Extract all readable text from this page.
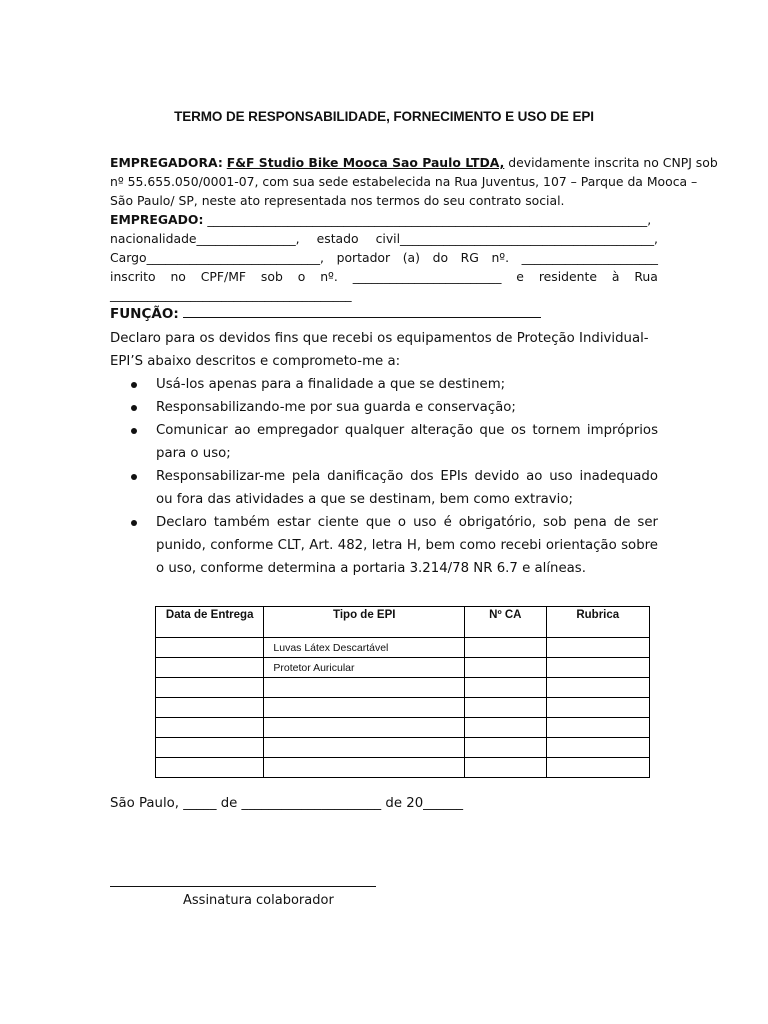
TERMO DE RESPONSABILIDADE, FORNECIMENTO E USO DE EPI
EMPREGADORA: F&F Studio Bike Mooca Sao Paulo LTDA, devidamente inscrita no CNPJ sob
nº 55.655.050/0001-07, com sua sede estabelecida na Rua Juventus, 107 – Parque da Mooca –
São Paulo/ SP, neste ato representada nos termos do seu contrato social.
EMPREGADO: _______________________________________________________________________,
nacionalidade________________, estado civil_________________________________________,
Cargo____________________________, portador (a) do RG nº. ______________________
inscrito no CPF/MF sob o nº. ________________________ e residente à Rua
_______________________________________
FUNÇÃO:
Declaro para os devidos fins que recebi os equipamentos de Proteção Individual-EPI’S abaixo descritos e comprometo-me a:
Usá-los apenas para a finalidade a que se destinem;
Responsabilizando-me por sua guarda e conservação;
Comunicar ao empregador qualquer alteração que os tornem impróprios para o uso;
Responsabilizar-me pela danificação dos EPIs devido ao uso inadequado ou fora das atividades a que se destinam, bem como extravio;
Declaro também estar ciente que o uso é obrigatório, sob pena de ser punido, conforme CLT, Art. 482, letra H, bem como recebi orientação sobre o uso, conforme determina a portaria 3.214/78 NR 6.7 e alíneas.
Data de Entrega	Tipo de EPI	Nº CA	Rubrica
	Luvas Látex Descartável		
	Protetor Auricular		

São Paulo, _____ de _____________________ de 20______
Assinatura colaborador
